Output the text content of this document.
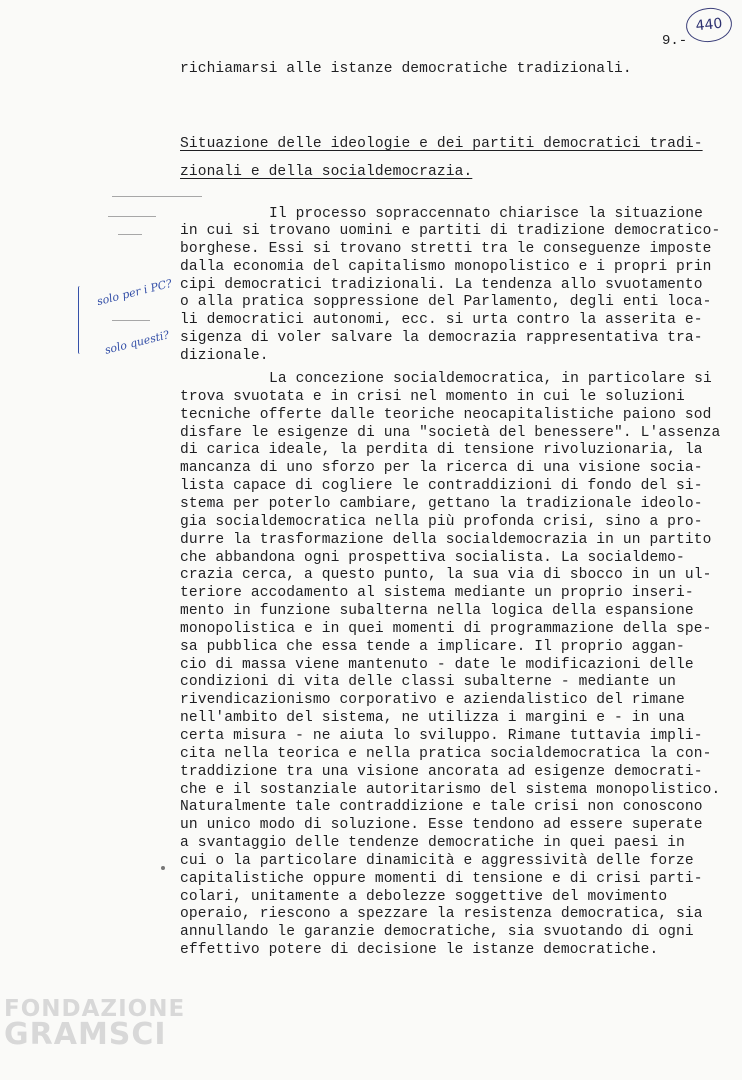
440
9.-
richiamarsi alle istanze democratiche tradizionali.
Situazione delle ideologie e dei partiti democratici tradi-
zionali e della socialdemocrazia.
solo per i PC?
solo questi?
Il processo sopraccennato chiarisce la situazione
in cui si trovano uomini e partiti di tradizione democratico-
borghese. Essi si trovano stretti tra le conseguenze imposte
dalla economia del capitalismo monopolistico e i propri prin
cipi democratici tradizionali. La tendenza allo svuotamento
o alla pratica soppressione del Parlamento, degli enti loca-
li democratici autonomi, ecc. si urta contro la asserita e-
sigenza di voler salvare la democrazia rappresentativa tra-
dizionale.
La concezione socialdemocratica, in particolare si
trova svuotata e in crisi nel momento in cui le soluzioni
tecniche offerte dalle teoriche neocapitalistiche paiono sod
disfare le esigenze di una "società del benessere". L'assenza
di carica ideale, la perdita di tensione rivoluzionaria, la
mancanza di uno sforzo per la ricerca di una visione socia-
lista capace di cogliere le contraddizioni di fondo del si-
stema per poterlo cambiare, gettano la tradizionale ideolo-
gia socialdemocratica nella più profonda crisi, sino a pro-
durre la trasformazione della socialdemocrazia in un partito
che abbandona ogni prospettiva socialista. La socialdemo-
crazia cerca, a questo punto, la sua via di sbocco in un ul-
teriore accodamento al sistema mediante un proprio inseri-
mento in funzione subalterna nella logica della espansione
monopolistica e in quei momenti di programmazione della spe-
sa pubblica che essa tende a implicare. Il proprio aggan-
cio di massa viene mantenuto - date le modificazioni delle
condizioni di vita delle classi subalterne - mediante un
rivendicazionismo corporativo e aziendalistico del rimane
nell'ambito del sistema, ne utilizza i margini e - in una
certa misura - ne aiuta lo sviluppo. Rimane tuttavia impli-
cita nella teorica e nella pratica socialdemocratica la con-
traddizione tra una visione ancorata ad esigenze democrati-
che e il sostanziale autoritarismo del sistema monopolistico.
Naturalmente tale contraddizione e tale crisi non conoscono
un unico modo di soluzione. Esse tendono ad essere superate
a svantaggio delle tendenze democratiche in quei paesi in
cui o la particolare dinamicità e aggressività delle forze
capitalistiche oppure momenti di tensione e di crisi parti-
colari, unitamente a debolezze soggettive del movimento
operaio, riescono a spezzare la resistenza democratica, sia
annullando le garanzie democratiche, sia svuotando di ogni
effettivo potere di decisione le istanze democratiche.
FONDAZIONE
GRAMSCI
